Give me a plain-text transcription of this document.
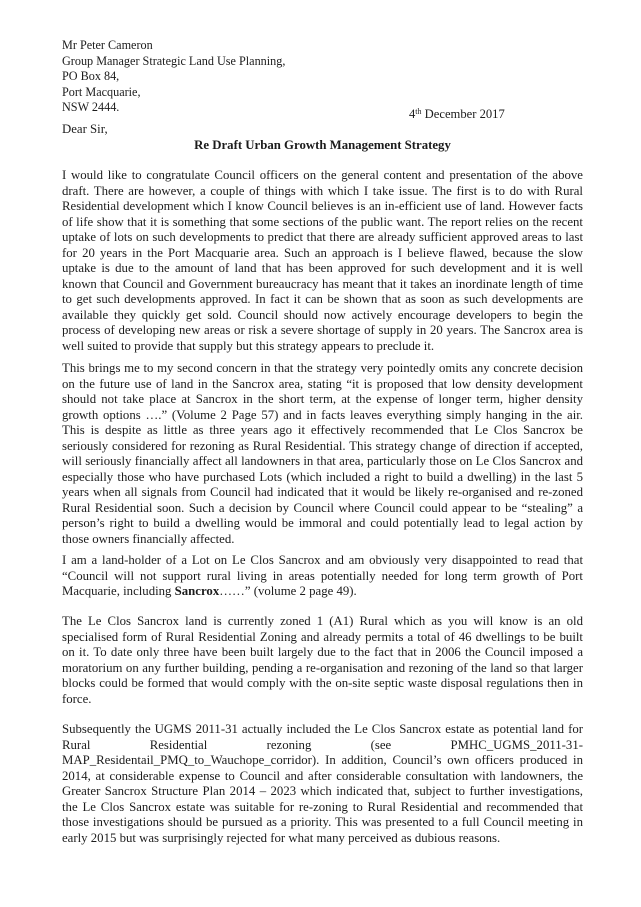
Mr Peter Cameron
Group Manager Strategic Land Use Planning,
PO Box 84,
Port Macquarie,
NSW 2444.	4th December 2017
Dear Sir,
Re Draft Urban Growth Management Strategy
I would like to congratulate Council officers on the general content and presentation of the above draft. There are however, a couple of things with which I take issue. The first is to do with Rural Residential development which I know Council believes is an in-efficient use of land. However facts of life show that it is something that some sections of the public want. The report relies on the recent uptake of lots on such developments to predict that there are already sufficient approved areas to last for 20 years in the Port Macquarie area. Such an approach is I believe flawed, because the slow uptake is due to the amount of land that has been approved for such development and it is well known that Council and Government bureaucracy has meant that it takes an inordinate length of time to get such developments approved. In fact it can be shown that as soon as such developments are available they quickly get sold. Council should now actively encourage developers to begin the process of developing new areas or risk a severe shortage of supply in 20 years. The Sancrox area is well suited to provide that supply but this strategy appears to preclude it.
This brings me to my second concern in that the strategy very pointedly omits any concrete decision on the future use of land in the Sancrox area, stating “it is proposed that low density development should not take place at Sancrox in the short term, at the expense of longer term, higher density growth options ….” (Volume 2 Page 57) and in facts leaves everything simply hanging in the air. This is despite as little as three years ago it effectively recommended that Le Clos Sancrox be seriously considered for rezoning as Rural Residential. This strategy change of direction if accepted, will seriously financially affect all landowners in that area, particularly those on Le Clos Sancrox and especially those who have purchased Lots (which included a right to build a dwelling) in the last 5 years when all signals from Council had indicated that it would be likely re-organised and re-zoned Rural Residential soon. Such a decision by Council where Council could appear to be “stealing” a person’s right to build a dwelling would be immoral and could potentially lead to legal action by those owners financially affected.
I am a land-holder of a Lot on Le Clos Sancrox and am obviously very disappointed to read that “Council will not support rural living in areas potentially needed for long term growth of Port Macquarie, including Sancrox……” (volume 2 page 49).
The Le Clos Sancrox land is currently zoned 1 (A1) Rural which as you will know is an old specialised form of Rural Residential Zoning and already permits a total of 46 dwellings to be built on it. To date only three have been built largely due to the fact that in 2006 the Council imposed a moratorium on any further building, pending a re-organisation and rezoning of the land so that larger blocks could be formed that would comply with the on-site septic waste disposal regulations then in force.
Subsequently the UGMS 2011-31 actually included the Le Clos Sancrox estate as potential land for Rural Residential rezoning (see PMHC_UGMS_2011-31-MAP_Residentail_PMQ_to_Wauchope_corridor). In addition, Council’s own officers produced in 2014, at considerable expense to Council and after considerable consultation with landowners, the Greater Sancrox Structure Plan 2014 – 2023 which indicated that, subject to further investigations, the Le Clos Sancrox estate was suitable for re-zoning to Rural Residential and recommended that those investigations should be pursued as a priority. This was presented to a full Council meeting in early 2015 but was surprisingly rejected for what many perceived as dubious reasons.
